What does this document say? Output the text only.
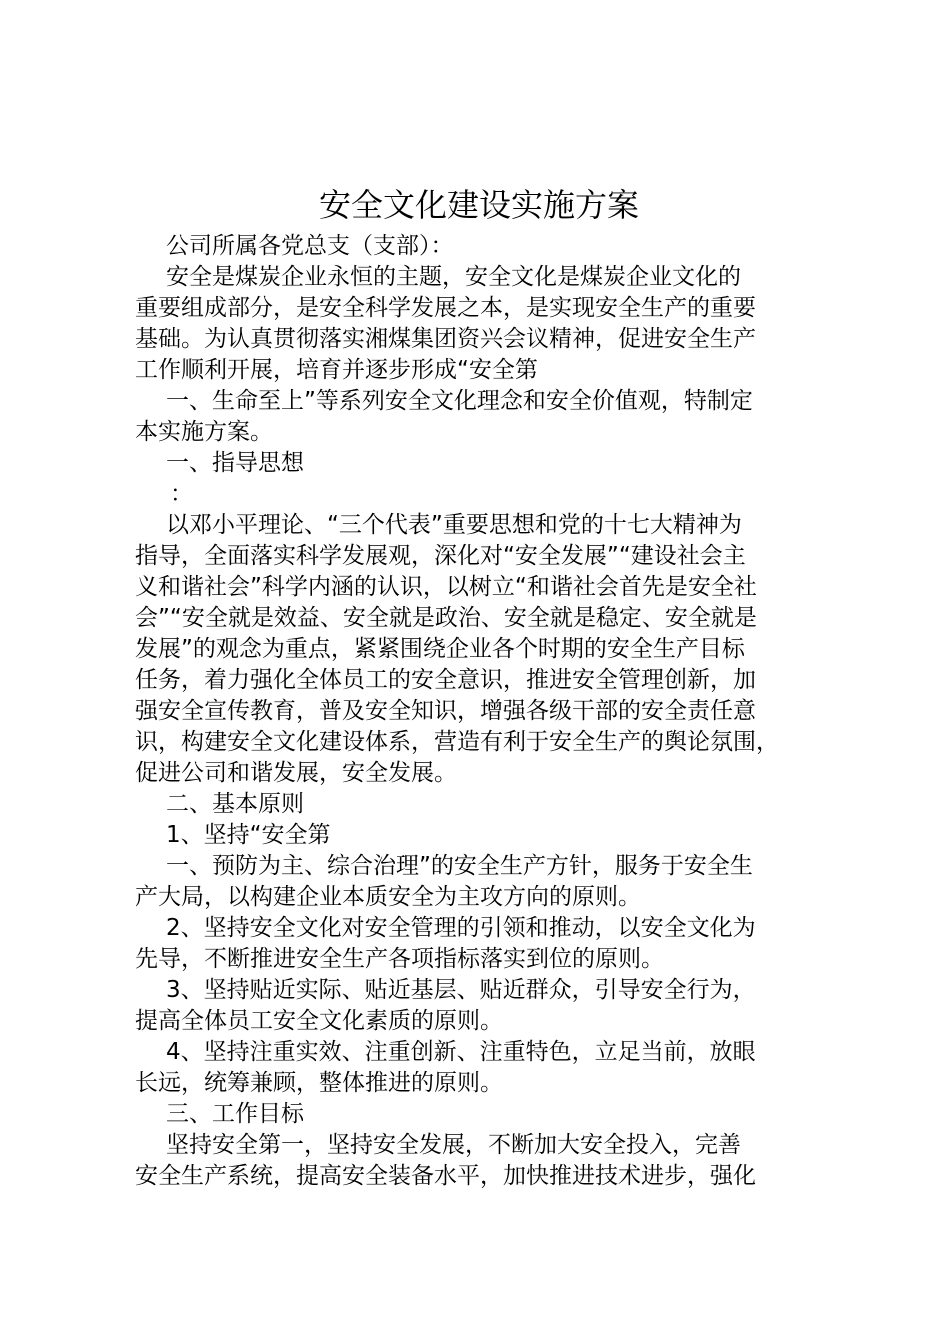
安全文化建设实施方案

公司所属各党总支（支部）：

安全是煤炭企业永恒的主题，安全文化是煤炭企业文化的

重要组成部分，是安全科学发展之本，是实现安全生产的重要

基础。为认真贯彻落实湘煤集团资兴会议精神，促进安全生产

工作顺利开展，培育并逐步形成“安全第

一、生命至上”等系列安全文化理念和安全价值观，特制定

本实施方案。

一、指导思想

：

以邓小平理论、“三个代表”重要思想和党的十七大精神为

指导，全面落实科学发展观，深化对“安全发展”“建设社会主

义和谐社会”科学内涵的认识，以树立“和谐社会首先是安全社

会”“安全就是效益、安全就是政治、安全就是稳定、安全就是

发展”的观念为重点，紧紧围绕企业各个时期的安全生产目标

任务，着力强化全体员工的安全意识，推进安全管理创新，加

强安全宣传教育，普及安全知识，增强各级干部的安全责任意

识，构建安全文化建设体系，营造有利于安全生产的舆论氛围，

促进公司和谐发展，安全发展。

二、基本原则

1、坚持“安全第

一、预防为主、综合治理”的安全生产方针，服务于安全生

产大局，以构建企业本质安全为主攻方向的原则。

2、坚持安全文化对安全管理的引领和推动，以安全文化为

先导，不断推进安全生产各项指标落实到位的原则。

3、坚持贴近实际、贴近基层、贴近群众，引导安全行为，

提高全体员工安全文化素质的原则。

4、坚持注重实效、注重创新、注重特色，立足当前，放眼

长远，统筹兼顾，整体推进的原则。

三、工作目标

坚持安全第一，坚持安全发展，不断加大安全投入，完善

安全生产系统，提高安全装备水平，加快推进技术进步，强化
